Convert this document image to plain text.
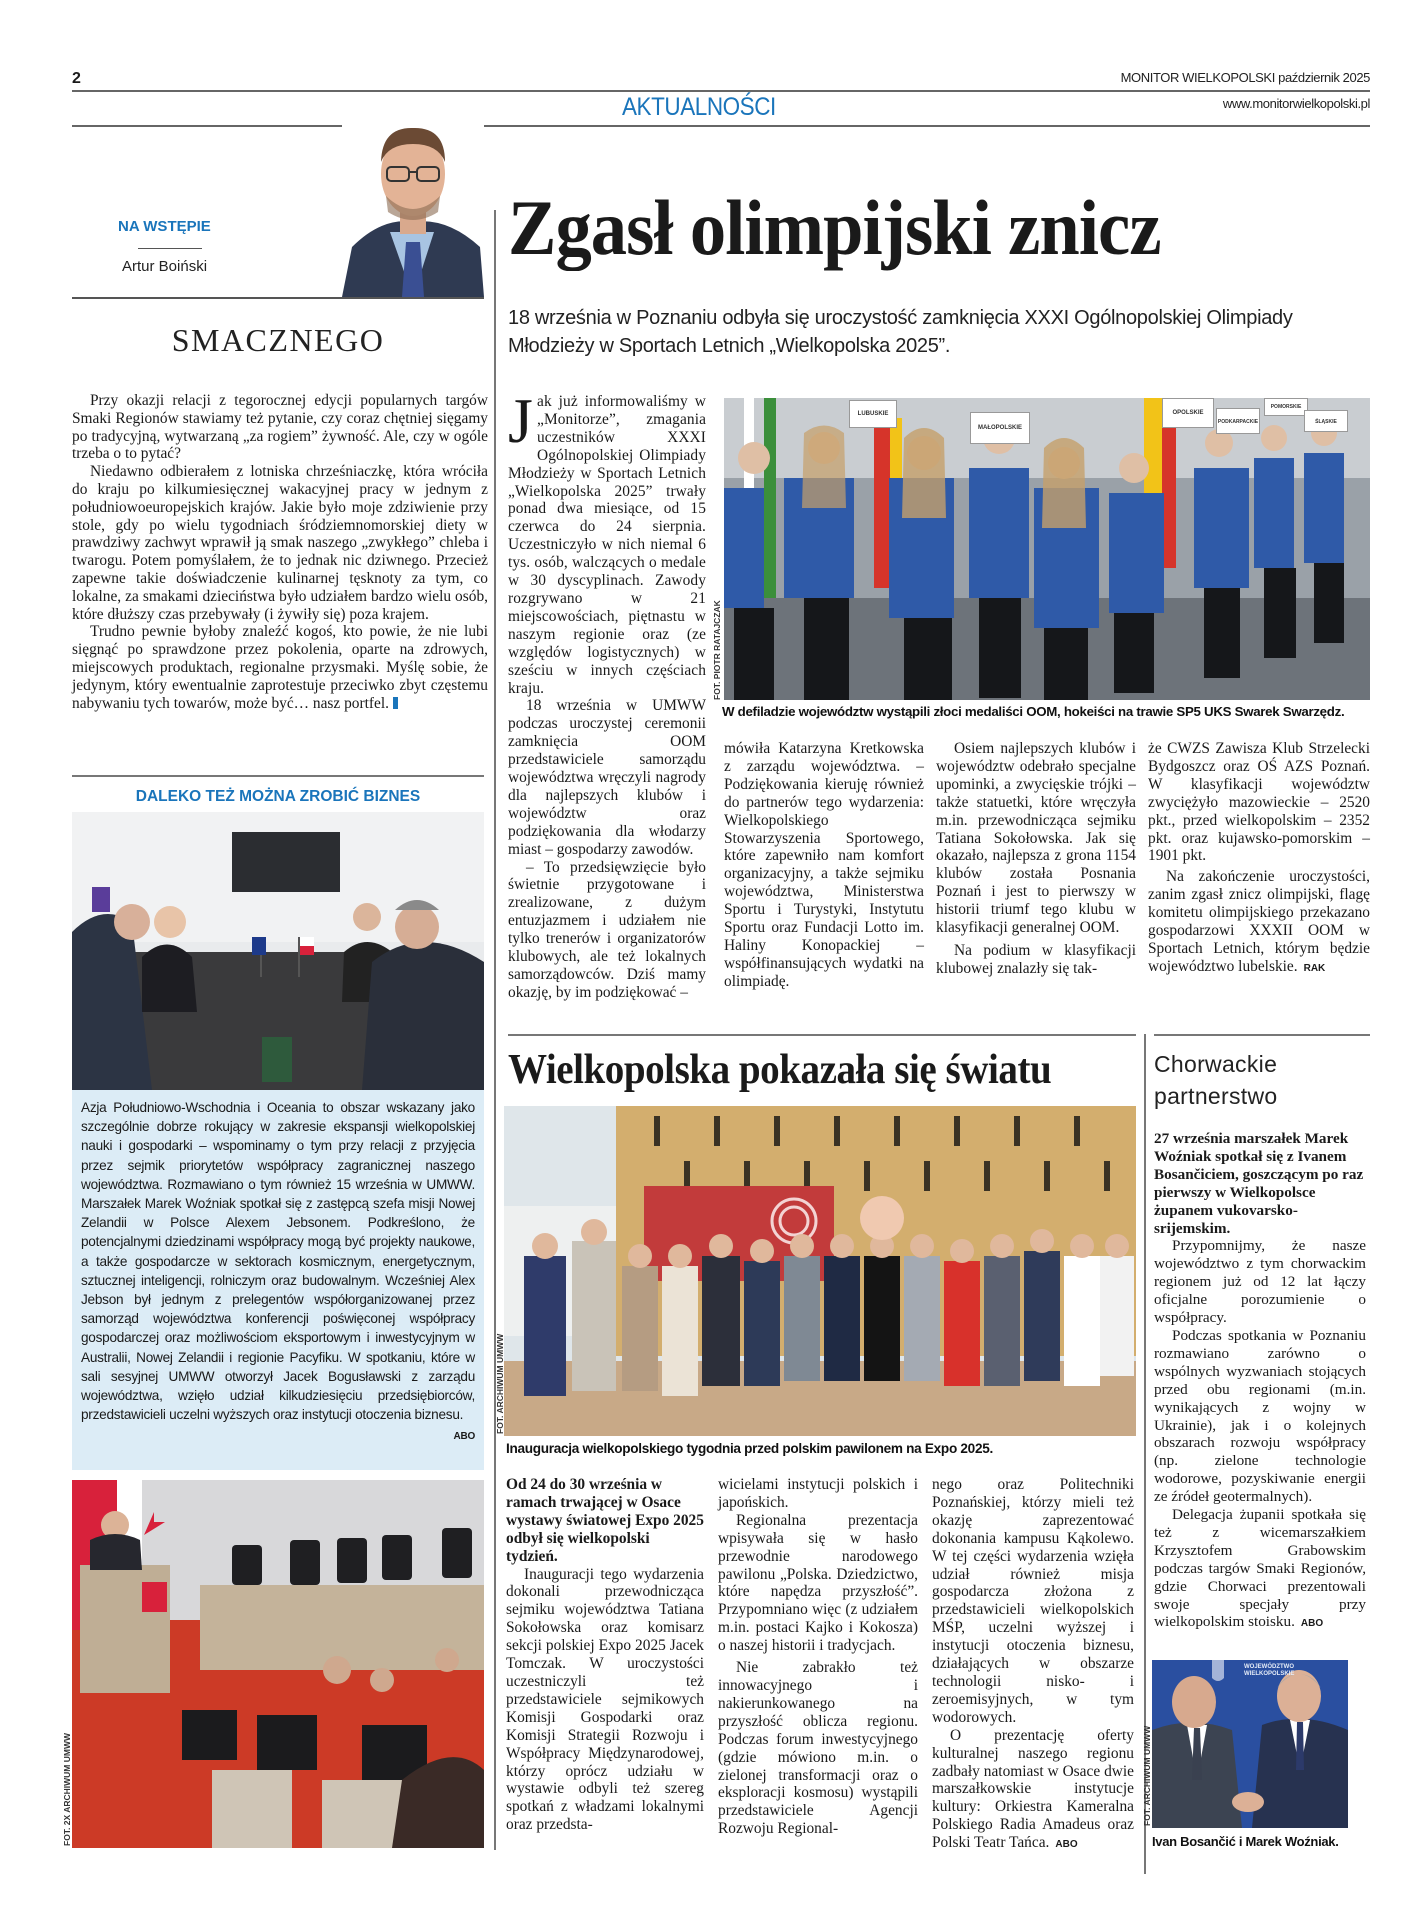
2	MONITOR WIELKOPOLSKI październik 2025
AKTUALNOŚCI	www.monitorwielkopolski.pl
NA WSTĘPIE
Artur Boiński
SMACZNEGO

Przy okazji relacji z tegorocznej edycji popularnych targów Smaki Regionów stawiamy też pytanie, czy coraz chętniej sięgamy po tradycyjną, wytwarzaną „za rogiem” żywność. Ale, czy w ogóle trzeba o to pytać?

Niedawno odbierałem z lotniska chrześniaczkę, która wróciła do kraju po kilkumiesięcznej wakacyjnej pracy w jednym z południowoeuropejskich krajów. Jakie było moje zdziwienie przy stole, gdy po wielu tygodniach śródziemnomorskiej diety w prawdziwy zachwyt wprawił ją smak naszego „zwykłego” chleba i twarogu. Potem pomyślałem, że to jednak nic dziwnego. Przecież zapewne takie doświadczenie kulinarnej tęsknoty za tym, co lokalne, za smakami dzieciństwa było udziałem bardzo wielu osób, które dłuższy czas przebywały (i żywiły się) poza krajem.

Trudno pewnie byłoby znaleźć kogoś, kto powie, że nie lubi sięgnąć po sprawdzone przez pokolenia, oparte na zdrowych, miejscowych produktach, regionalne przysmaki. Myślę sobie, że jedynym, który ewentualnie zaprotestuje przeciwko zbyt częstemu nabywaniu tych towarów, może być… nasz portfel.

DALEKO TEŻ MOŻNA ZROBIĆ BIZNES

Azja Południowo-Wschodnia i Oceania to obszar wskazany jako szczególnie dobrze rokujący w zakresie ekspansji wielkopolskiej nauki i gospodarki – wspominamy o tym przy relacji z przyjęcia przez sejmik priorytetów współpracy zagranicznej naszego województwa. Rozmawiano o tym również 15 września w UMWW. Marszałek Marek Woźniak spotkał się z zastępcą szefa misji Nowej Zelandii w Polsce Alexem Jebsonem. Podkreślono, że potencjalnymi dziedzinami współpracy mogą być projekty naukowe, a także gospodarcze w sektorach kosmicznym, energetycznym, sztucznej inteligencji, rolniczym oraz budowalnym. Wcześniej Alex Jebson był jednym z prelegentów współorganizowanej przez samorząd województwa konferencji poświęconej współpracy gospodarczej oraz możliwościom eksportowym i inwestycyjnym w Australii, Nowej Zelandii i regionie Pacyfiku. W spotkaniu, które w sali sesyjnej UMWW otworzył Jacek Bogusławski z zarządu województwa, wzięło udział kilkudziesięciu przedsiębiorców, przedstawicieli uczelni wyższych oraz instytucji otoczenia biznesu.
ABO

FOT. 2X ARCHIWUM UMWW
Zgasł olimpijski znicz
18 września w Poznaniu odbyła się uroczystość zamknięcia XXXI Ogólnopolskiej Olimpiady Młodzieży w Sportach Letnich „Wielkopolska 2025”.

Jak już informowaliśmy w „Monitorze”, zmagania uczestników XXXI Ogólnopolskiej Olimpiady Młodzieży w Sportach Letnich „Wielkopolska 2025” trwały ponad dwa miesiące, od 15 czerwca do 24 sierpnia. Uczestniczyło w nich niemal 6 tys. osób, walczących o medale w 30 dyscyplinach. Zawody rozgrywano w 21 miejscowościach, piętnastu w naszym regionie oraz (ze względów logistycznych) w sześciu w innych częściach kraju.

18 września w UMWW podczas uroczystej ceremonii zamknięcia OOM przedstawiciele samorządu województwa wręczyli nagrody dla najlepszych klubów i województw oraz podziękowania dla włodarzy miast – gospodarzy zawodów.

– To przedsięwzięcie było świetnie przygotowane i zrealizowane, z dużym entuzjazmem i udziałem nie tylko trenerów i organizatorów klubowych, ale też lokalnych samorządowców. Dziś mamy okazję, by im podziękować –

LUBUSKIE
MAŁOPOLSKIE
OPOLSKIE
PODKARPACKIE
POMORSKIE
ŚLĄSKIE
FOT. PIOTR RATAJCZAK
W defiladzie województw wystąpili złoci medaliści OOM, hokeiści na trawie SP5 UKS Swarek Swarzędz.

mówiła Katarzyna Kretkowska z zarządu województwa. – Podziękowania kieruję również do partnerów tego wydarzenia: Wielkopolskiego Stowarzyszenia Sportowego, które zapewniło nam komfort organizacyjny, a także sejmiku województwa, Ministerstwa Sportu i Turystyki, Instytutu Sportu oraz Fundacji Lotto im. Haliny Konopackiej – współfinansujących wydatki na olimpiadę.

Osiem najlepszych klubów i województw odebrało specjalne upominki, a zwycięskie trójki – także statuetki, które wręczyła m.in. przewodnicząca sejmiku Tatiana Sokołowska. Jak się okazało, najlepsza z grona 1154 klubów została Posnania Poznań i jest to pierwszy w historii triumf tego klubu w klasyfikacji generalnej OOM.

Na podium w klasyfikacji klubowej znalazły się tak-

że CWZS Zawisza Klub Strzelecki Bydgoszcz oraz OŚ AZS Poznań. W klasyfikacji województw zwyciężyło mazowieckie – 2520 pkt., przed wielkopolskim – 2352 pkt. oraz kujawsko-pomorskim – 1901 pkt.

Na zakończenie uroczystości, zanim zgasł znicz olimpijski, flagę komitetu olimpijskiego przekazano gospodarzowi XXXII OOM w Sportach Letnich, którym będzie województwo lubelskie. RAK

Wielkopolska pokazała się światu
FOT. ARCHIWUM UMWW
Inauguracja wielkopolskiego tygodnia przed polskim pawilonem na Expo 2025.

Od 24 do 30 września w ramach trwającej w Osace wystawy światowej Expo 2025 odbył się wielkopolski tydzień.

Inauguracji tego wydarzenia dokonali przewodnicząca sejmiku województwa Tatiana Sokołowska oraz komisarz sekcji polskiej Expo 2025 Jacek Tomczak. W uroczystości uczestniczyli też przedstawiciele sejmikowych Komisji Gospodarki oraz Komisji Strategii Rozwoju i Współpracy Międzynarodowej, którzy oprócz udziału w wystawie odbyli też szereg spotkań z władzami lokalnymi oraz przedsta-

wicielami instytucji polskich i japońskich.

Regionalna prezentacja wpisywała się w hasło przewodnie narodowego pawilonu „Polska. Dziedzictwo, które napędza przyszłość”. Przypomniano więc (z udziałem m.in. postaci Kajko i Kokosza) o naszej historii i tradycjach.

Nie zabrakło też innowacyjnego i nakierunkowanego na przyszłość oblicza regionu. Podczas forum inwestycyjnego (gdzie mówiono m.in. o zielonej transformacji oraz o eksploracji kosmosu) wystąpili przedstawiciele Agencji Rozwoju Regional-

nego oraz Politechniki Poznańskiej, którzy mieli też okazję zaprezentować dokonania kampusu Kąkolewo. W tej części wydarzenia wzięła udział również misja gospodarcza złożona z przedstawicieli wielkopolskich MŚP, uczelni wyższej i instytucji otoczenia biznesu, działających w obszarze technologii nisko- i zeroemisyjnych, w tym wodorowych.

O prezentację oferty kulturalnej naszego regionu zadbały natomiast w Osace dwie marszałkowskie instytucje kultury: Orkiestra Kameralna Polskiego Radia Amadeus oraz Polski Teatr Tańca. ABO

Chorwackie
partnerstwo

27 września marszałek Marek Woźniak spotkał się z Ivanem Bosančiciem, goszczącym po raz pierwszy w Wielkopolsce żupanem vukovarsko-srijemskim.

Przypomnijmy, że nasze województwo z tym chorwackim regionem już od 12 lat łączy oficjalne porozumienie o współpracy.

Podczas spotkania w Poznaniu rozmawiano zarówno o wspólnych wyzwaniach stojących przed obu regionami (m.in. wynikających z wojny w Ukrainie), jak i o kolejnych obszarach rozwoju współpracy (np. zielone technologie wodorowe, pozyskiwanie energii ze źródeł geotermalnych).

Delegacja żupanii spotkała się też z wicemarszałkiem Krzysztofem Grabowskim podczas targów Smaki Regionów, gdzie Chorwaci prezentowali swoje specjały przy wielkopolskim stoisku. ABO

WOJEWÓDZTWO WIELKOPOLSKIE
FOT. ARCHIWUM UMWW
Ivan Bosančić i Marek Woźniak.
